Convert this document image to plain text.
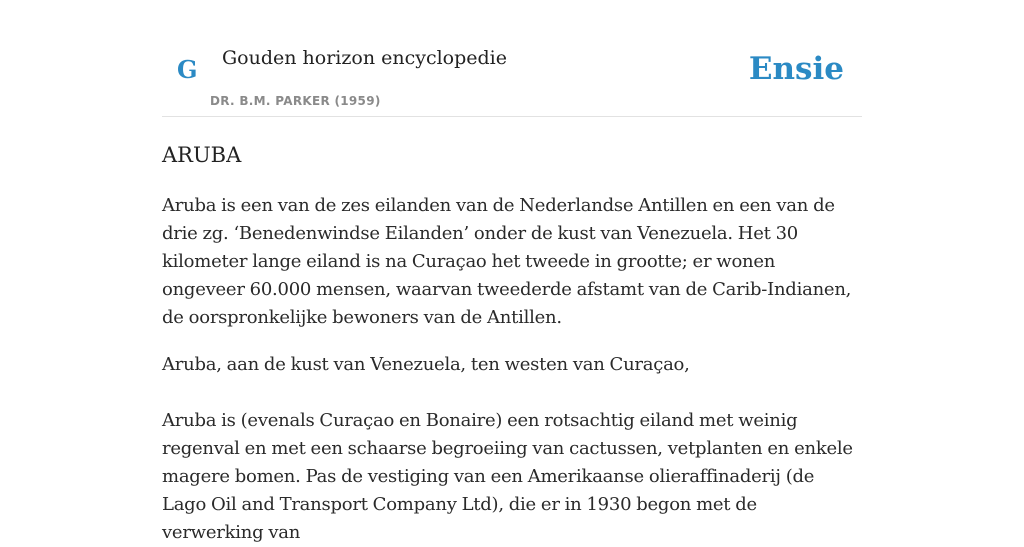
G Gouden horizon encyclopedie
DR. B.M. PARKER (1959)
Ensie
ARUBA

Aruba is een van de zes eilanden van de Nederlandse Antillen en een van de drie zg. ‘Benedenwindse Eilanden’ onder de kust van Venezuela. Het 30 kilometer lange eiland is na Curaçao het tweede in grootte; er wonen ongeveer 60.000 mensen, waarvan tweederde afstamt van de Carib-Indianen, de oorspronkelijke bewoners van de Antillen.

Aruba, aan de kust van Venezuela, ten westen van Curaçao,

Aruba is (evenals Curaçao en Bonaire) een rotsachtig eiland met weinig regenval en met een schaarse begroeiing van cactussen, vetplanten en enkele magere bomen. Pas de vestiging van een Amerikaanse olieraffinaderij (de Lago Oil and Transport Company Ltd), die er in 1930 begon met de verwerking van
